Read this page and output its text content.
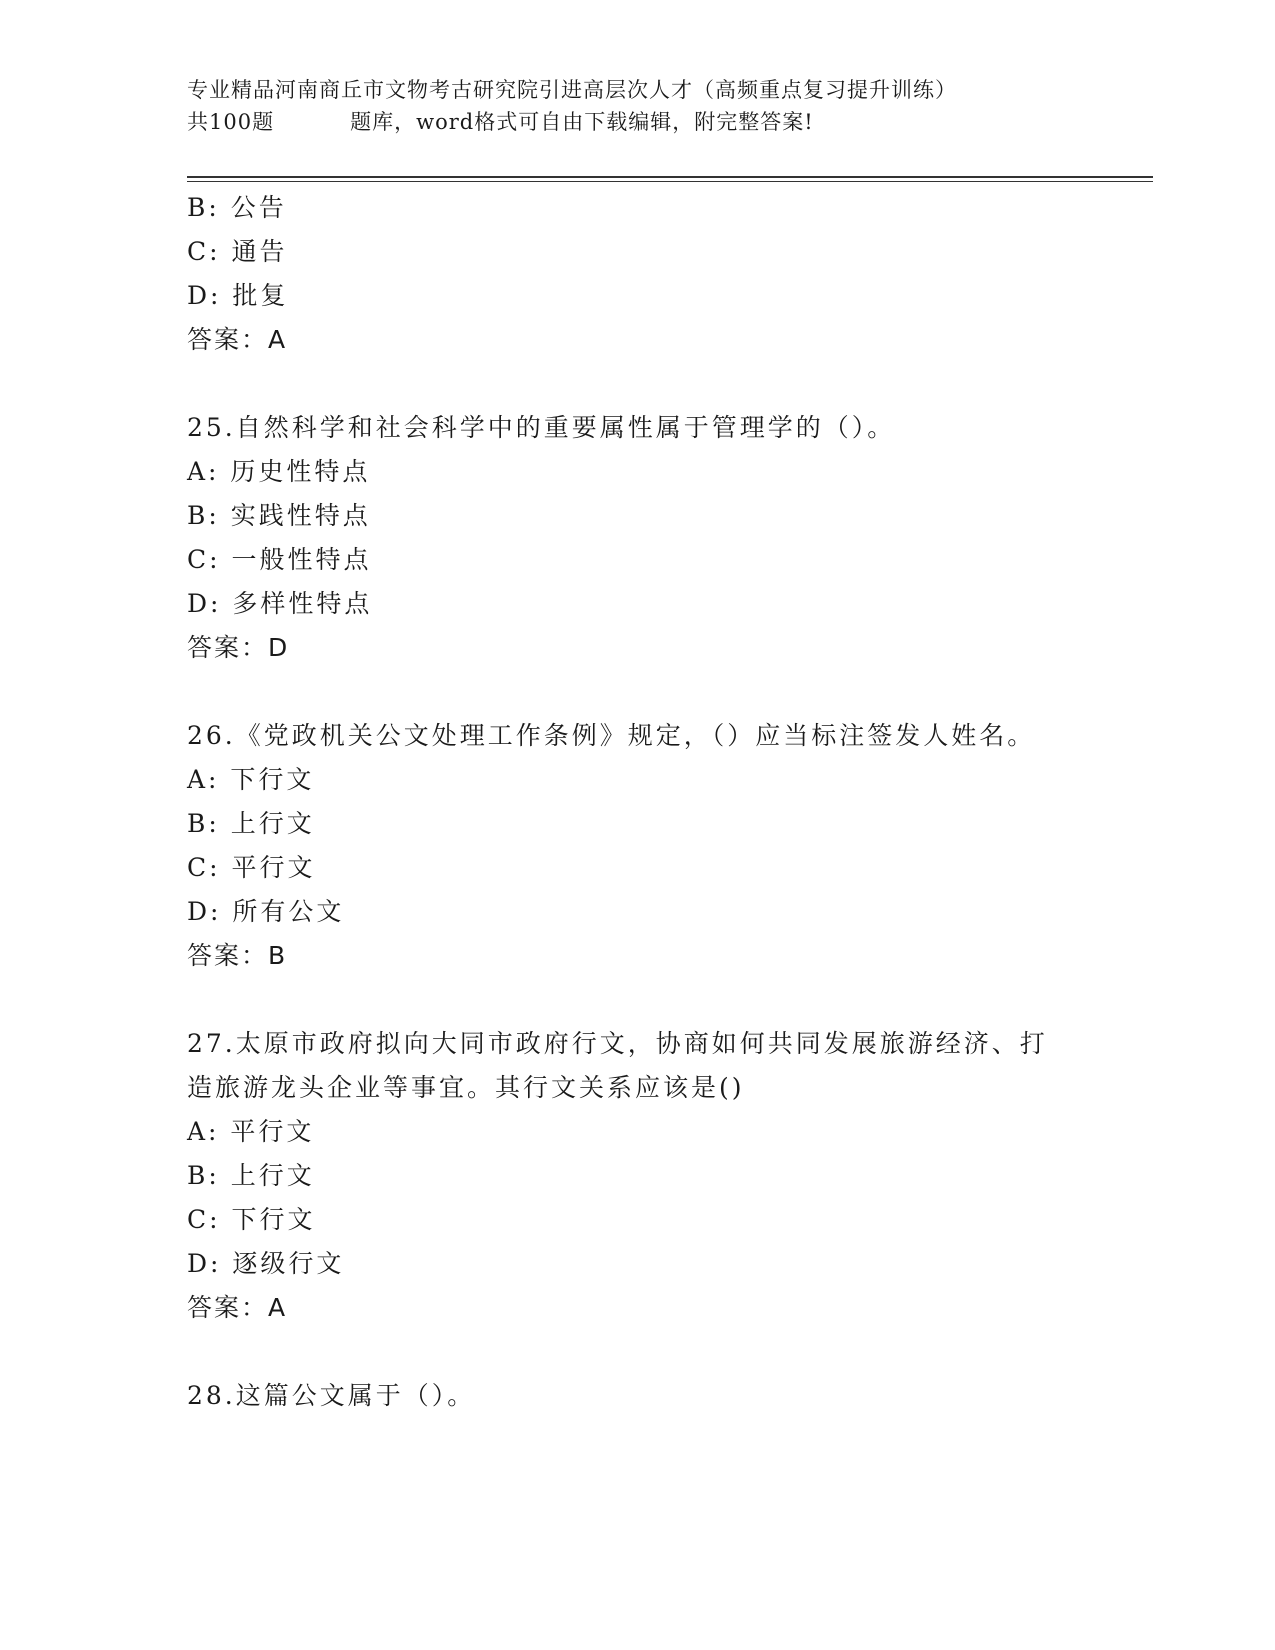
专业精品河南商丘市文物考古研究院引进高层次人才（高频重点复习提升训练）
共100题	题库，word格式可自由下载编辑，附完整答案!
B: 公告
C: 通告
D: 批复
答案：A
25.自然科学和社会科学中的重要属性属于管理学的（）。
A: 历史性特点
B: 实践性特点
C: 一般性特点
D: 多样性特点
答案：D
26.《党政机关公文处理工作条例》规定，（）应当标注签发人姓名。
A: 下行文
B: 上行文
C: 平行文
D: 所有公文
答案：B
27.太原市政府拟向大同市政府行文，协商如何共同发展旅游经济、打
造旅游龙头企业等事宜。其行文关系应该是()
A: 平行文
B: 上行文
C: 下行文
D: 逐级行文
答案：A
28.这篇公文属于（）。
